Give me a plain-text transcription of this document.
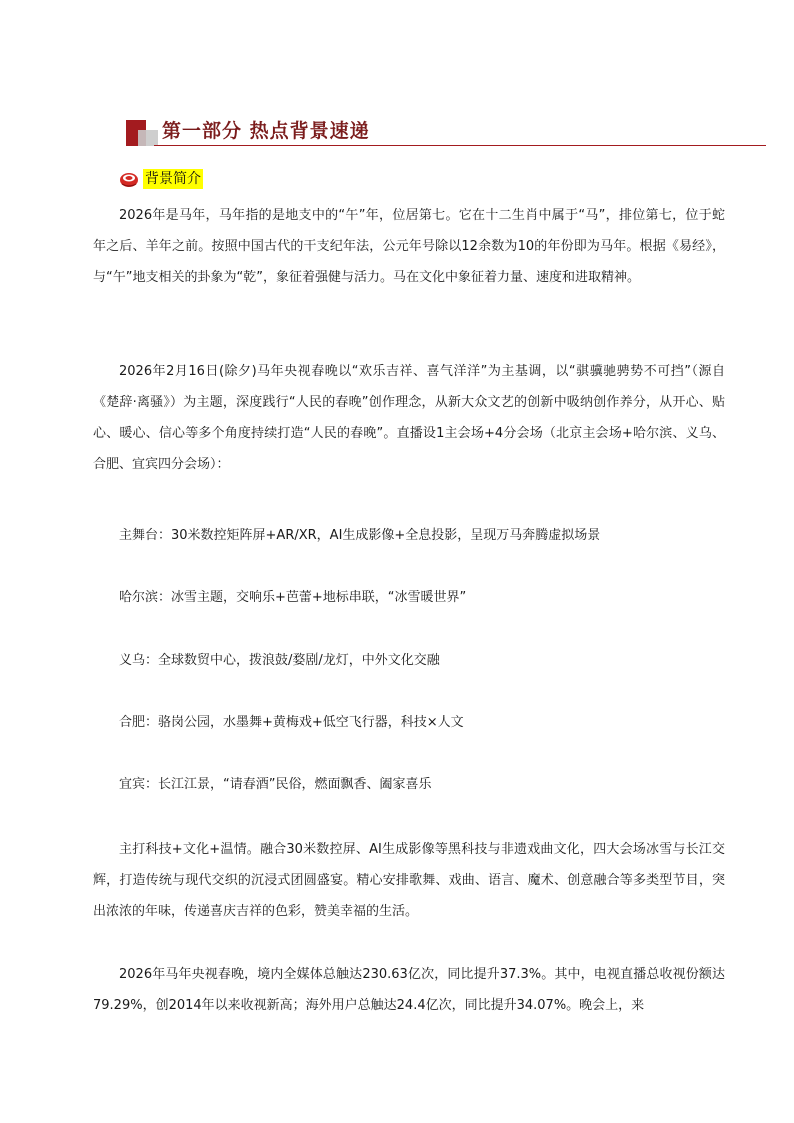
第一部分 热点背景速递
背景简介

2026年是马年，马年指的是地支中的“午”年，位居第七。它在十二生肖中属于“马”，排位第七，位于蛇年之后、羊年之前。按照中国古代的干支纪年法，公元年号除以12余数为10的年份即为马年。根据《易经》，与“午”地支相关的卦象为“乾”，象征着强健与活力。马在文化中象征着力量、速度和进取精神。

2026年2月16日(除夕)马年央视春晚以“欢乐吉祥、喜气洋洋”为主基调，以“骐骥驰骋势不可挡”（源自《楚辞·离骚》）为主题，深度践行“人民的春晚”创作理念，从新大众文艺的创新中吸纳创作养分，从开心、贴心、暖心、信心等多个角度持续打造“人民的春晚”。直播设1主会场+4分会场（北京主会场+哈尔滨、义乌、合肥、宜宾四分会场）：

主舞台：30米数控矩阵屏+AR/XR，AI生成影像+全息投影，呈现万马奔腾虚拟场景

哈尔滨：冰雪主题，交响乐+芭蕾+地标串联，“冰雪暖世界”

义乌：全球数贸中心，拨浪鼓/婺剧/龙灯，中外文化交融

合肥：骆岗公园，水墨舞+黄梅戏+低空飞行器，科技×人文

宜宾：长江江景，“请春酒”民俗，燃面飘香、阖家喜乐

主打科技+文化+温情。融合30米数控屏、AI生成影像等黑科技与非遗戏曲文化，四大会场冰雪与长江交辉，打造传统与现代交织的沉浸式团圆盛宴。精心安排歌舞、戏曲、语言、魔术、创意融合等多类型节目，突出浓浓的年味，传递喜庆吉祥的色彩，赞美幸福的生活。

2026年马年央视春晚，境内全媒体总触达230.63亿次，同比提升37.3%。其中，电视直播总收视份额达79.29%，创2014年以来收视新高；海外用户总触达24.4亿次，同比提升34.07%。晚会上，来
